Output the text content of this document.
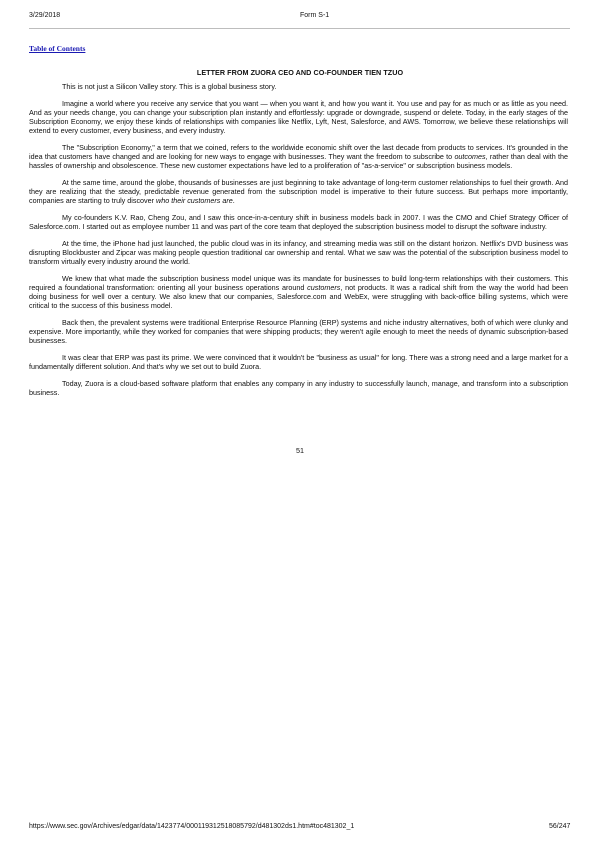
3/29/2018	Form S-1
Table of Contents
LETTER FROM ZUORA CEO AND CO-FOUNDER TIEN TZUO

This is not just a Silicon Valley story. This is a global business story.

Imagine a world where you receive any service that you want — when you want it, and how you want it. You use and pay for as much or as little as you need. And as your needs change, you can change your subscription plan instantly and effortlessly: upgrade or downgrade, suspend or delete. Today, in the early stages of the Subscription Economy, we enjoy these kinds of relationships with companies like Netflix, Lyft, Nest, Salesforce, and AWS. Tomorrow, we believe these relationships will extend to every customer, every business, and every industry.

The "Subscription Economy," a term that we coined, refers to the worldwide economic shift over the last decade from products to services. It's grounded in the idea that customers have changed and are looking for new ways to engage with businesses. They want the freedom to subscribe to outcomes, rather than deal with the hassles of ownership and obsolescence. These new customer expectations have led to a proliferation of "as-a-service" or subscription business models.

At the same time, around the globe, thousands of businesses are just beginning to take advantage of long-term customer relationships to fuel their growth. And they are realizing that the steady, predictable revenue generated from the subscription model is imperative to their future success. But perhaps more importantly, companies are starting to truly discover who their customers are.

My co-founders K.V. Rao, Cheng Zou, and I saw this once-in-a-century shift in business models back in 2007. I was the CMO and Chief Strategy Officer of Salesforce.com. I started out as employee number 11 and was part of the core team that deployed the subscription business model to disrupt the software industry.

At the time, the iPhone had just launched, the public cloud was in its infancy, and streaming media was still on the distant horizon. Netflix's DVD business was disrupting Blockbuster and Zipcar was making people question traditional car ownership and rental. What we saw was the potential of the subscription business model to transform virtually every industry around the world.

We knew that what made the subscription business model unique was its mandate for businesses to build long-term relationships with their customers. This required a foundational transformation: orienting all your business operations around customers, not products. It was a radical shift from the way the world had been doing business for well over a century. We also knew that our companies, Salesforce.com and WebEx, were struggling with back-office billing systems, which were critical to the success of this business model.

Back then, the prevalent systems were traditional Enterprise Resource Planning (ERP) systems and niche industry alternatives, both of which were clunky and expensive. More importantly, while they worked for companies that were shipping products; they weren't agile enough to meet the needs of dynamic subscription-based businesses.

It was clear that ERP was past its prime. We were convinced that it wouldn't be "business as usual" for long. There was a strong need and a large market for a fundamentally different solution. And that's why we set out to build Zuora.

Today, Zuora is a cloud-based software platform that enables any company in any industry to successfully launch, manage, and transform into a subscription business.

51
https://www.sec.gov/Archives/edgar/data/1423774/000119312518085792/d481302ds1.htm#toc481302_1	56/247
